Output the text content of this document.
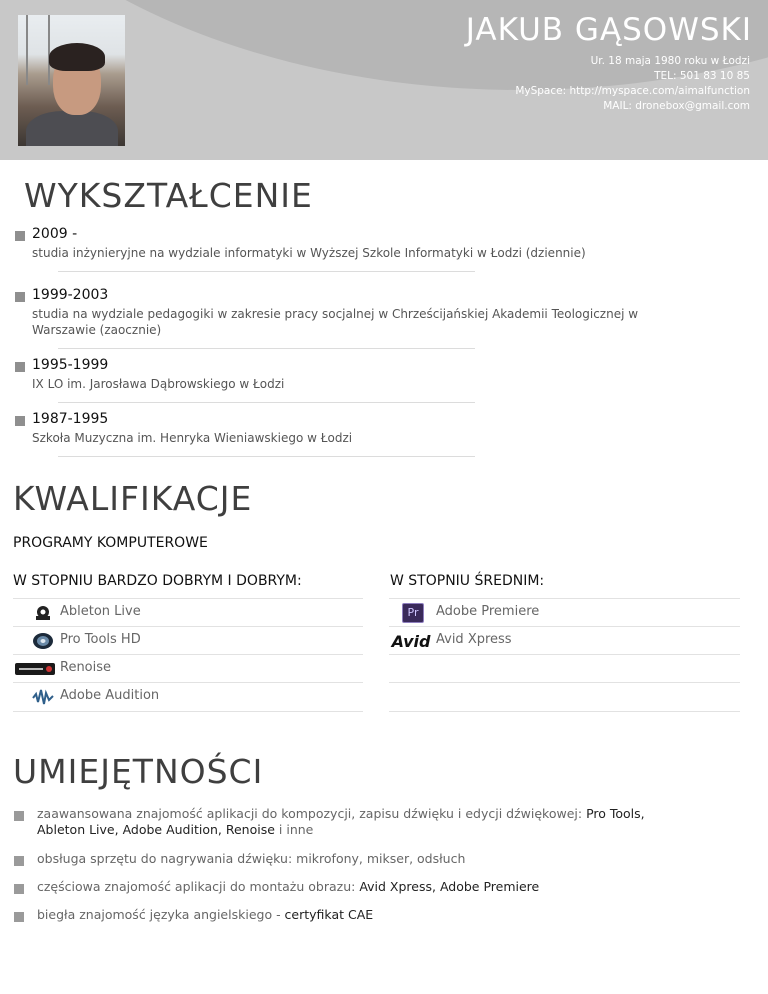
JAKUB GĄSOWSKI
Ur. 18 maja 1980 roku w Łodzi
TEL: 501 83 10 85
MySpace: http://myspace.com/aimalfunction
MAIL: dronebox@gmail.com
WYKSZTAŁCENIE
2009 -
studia inżynieryjne na wydziale informatyki w Wyższej Szkole Informatyki w Łodzi (dziennie)
1999-2003
studia na wydziale pedagogiki w zakresie pracy socjalnej w Chrześcijańskiej Akademii Teologicznej w Warszawie (zaocznie)
1995-1999
IX LO im. Jarosława Dąbrowskiego w Łodzi
1987-1995
Szkoła Muzyczna im. Henryka Wieniawskiego w Łodzi
KWALIFIKACJE
PROGRAMY KOMPUTEROWE
W STOPNIU BARDZO DOBRYM I DOBRYM:	W STOPNIU ŚREDNIM:
Ableton Live
Pro Tools HD
Renoise
Adobe Audition
Pr	Adobe Premiere
Avid Avid Xpress
UMIEJĘTNOŚCI
zaawansowana znajomość aplikacji do kompozycji, zapisu dźwięku i edycji dźwiękowej: Pro Tools, Ableton Live, Adobe Audition, Renoise i inne
obsługa sprzętu do nagrywania dźwięku: mikrofony, mikser, odsłuch
częściowa znajomość aplikacji do montażu obrazu: Avid Xpress, Adobe Premiere
biegła znajomość języka angielskiego - certyfikat CAE
